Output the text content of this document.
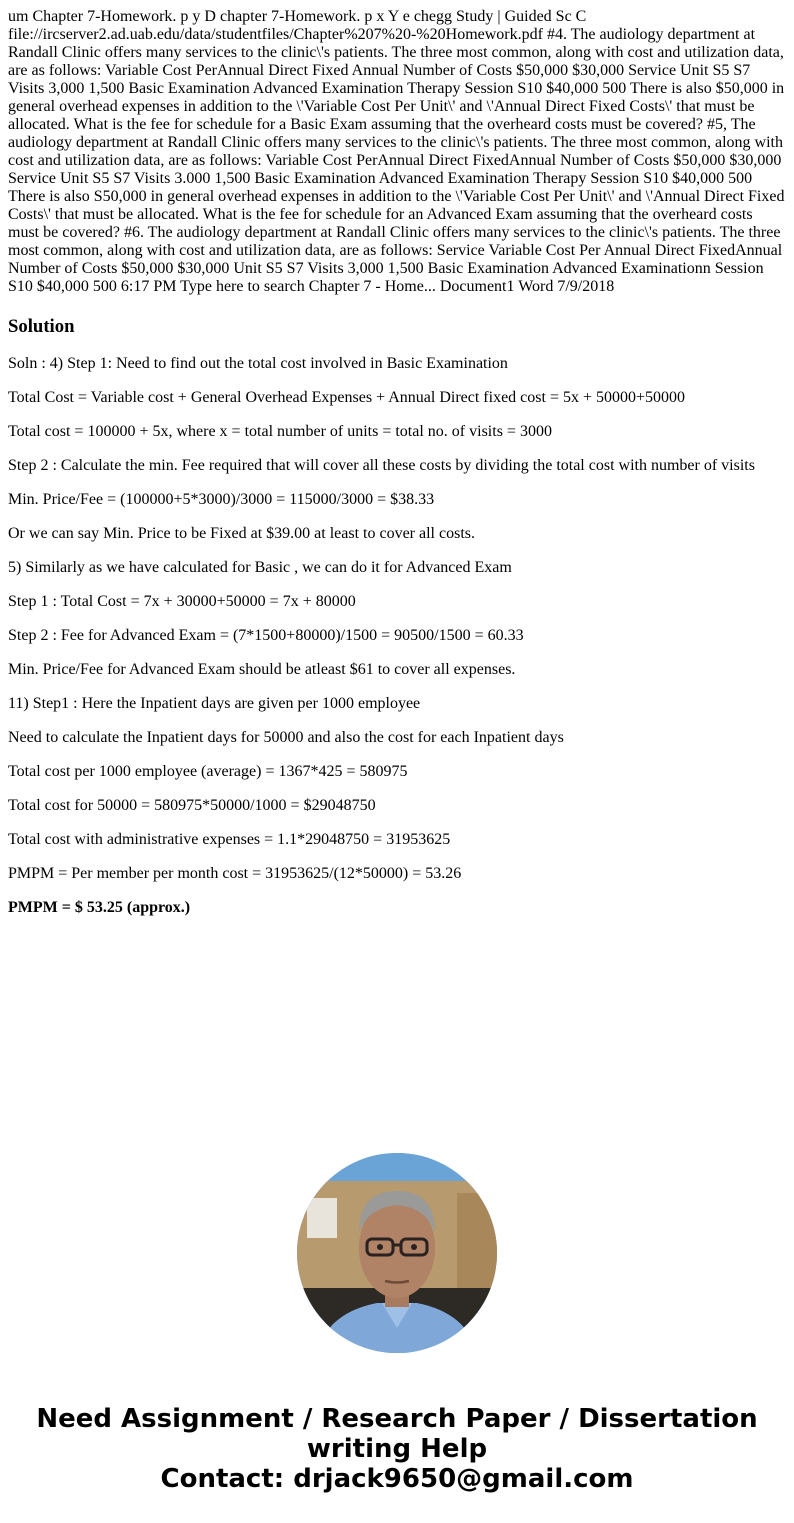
um Chapter 7-Homework. p y D chapter 7-Homework. p x Y e chegg Study | Guided Sc C file://ircserver2.ad.uab.edu/data/studentfiles/Chapter%207%20-%20Homework.pdf #4. The audiology department at Randall Clinic offers many services to the clinic\'s patients. The three most common, along with cost and utilization data, are as follows: Variable Cost PerAnnual Direct Fixed Annual Number of Costs $50,000 $30,000 Service Unit S5 S7 Visits 3,000 1,500 Basic Examination Advanced Examination Therapy Session S10 $40,000 500 There is also $50,000 in general overhead expenses in addition to the \'Variable Cost Per Unit\' and \'Annual Direct Fixed Costs\' that must be allocated. What is the fee for schedule for a Basic Exam assuming that the overheard costs must be covered? #5, The audiology department at Randall Clinic offers many services to the clinic\'s patients. The three most common, along with cost and utilization data, are as follows: Variable Cost PerAnnual Direct FixedAnnual Number of Costs $50,000 $30,000 Service Unit S5 S7 Visits 3.000 1,500 Basic Examination Advanced Examination Therapy Session S10 $40,000 500 There is also S50,000 in general overhead expenses in addition to the \'Variable Cost Per Unit\' and \'Annual Direct Fixed Costs\' that must be allocated. What is the fee for schedule for an Advanced Exam assuming that the overheard costs must be covered? #6. The audiology department at Randall Clinic offers many services to the clinic\'s patients. The three most common, along with cost and utilization data, are as follows: Service Variable Cost Per Annual Direct FixedAnnual Number of Costs $50,000 $30,000 Unit S5 S7 Visits 3,000 1,500 Basic Examination Advanced Examinationn Session S10 $40,000 500 6:17 PM Type here to search Chapter 7 - Home... Document1 Word 7/9/2018

Solution

Soln : 4) Step 1: Need to find out the total cost involved in Basic Examination

Total Cost = Variable cost + General Overhead Expenses + Annual Direct fixed cost = 5x + 50000+50000

Total cost = 100000 + 5x, where x = total number of units = total no. of visits = 3000

Step 2 : Calculate the min. Fee required that will cover all these costs by dividing the total cost with number of visits

Min. Price/Fee = (100000+5*3000)/3000 = 115000/3000 = $38.33

Or we can say Min. Price to be Fixed at $39.00 at least to cover all costs.

5) Similarly as we have calculated for Basic , we can do it for Advanced Exam

Step 1 : Total Cost = 7x + 30000+50000 = 7x + 80000

Step 2 : Fee for Advanced Exam = (7*1500+80000)/1500 = 90500/1500 = 60.33

Min. Price/Fee for Advanced Exam should be atleast $61 to cover all expenses.

11) Step1 : Here the Inpatient days are given per 1000 employee

Need to calculate the Inpatient days for 50000 and also the cost for each Inpatient days

Total cost per 1000 employee (average) = 1367*425 = 580975

Total cost for 50000 = 580975*50000/1000 = $29048750

Total cost with administrative expenses = 1.1*29048750 = 31953625

PMPM = Per member per month cost = 31953625/(12*50000) = 53.26

PMPM = $ 53.25 (approx.)

Need Assignment / Research Paper / Dissertation
writing Help
Contact: drjack9650@gmail.com
